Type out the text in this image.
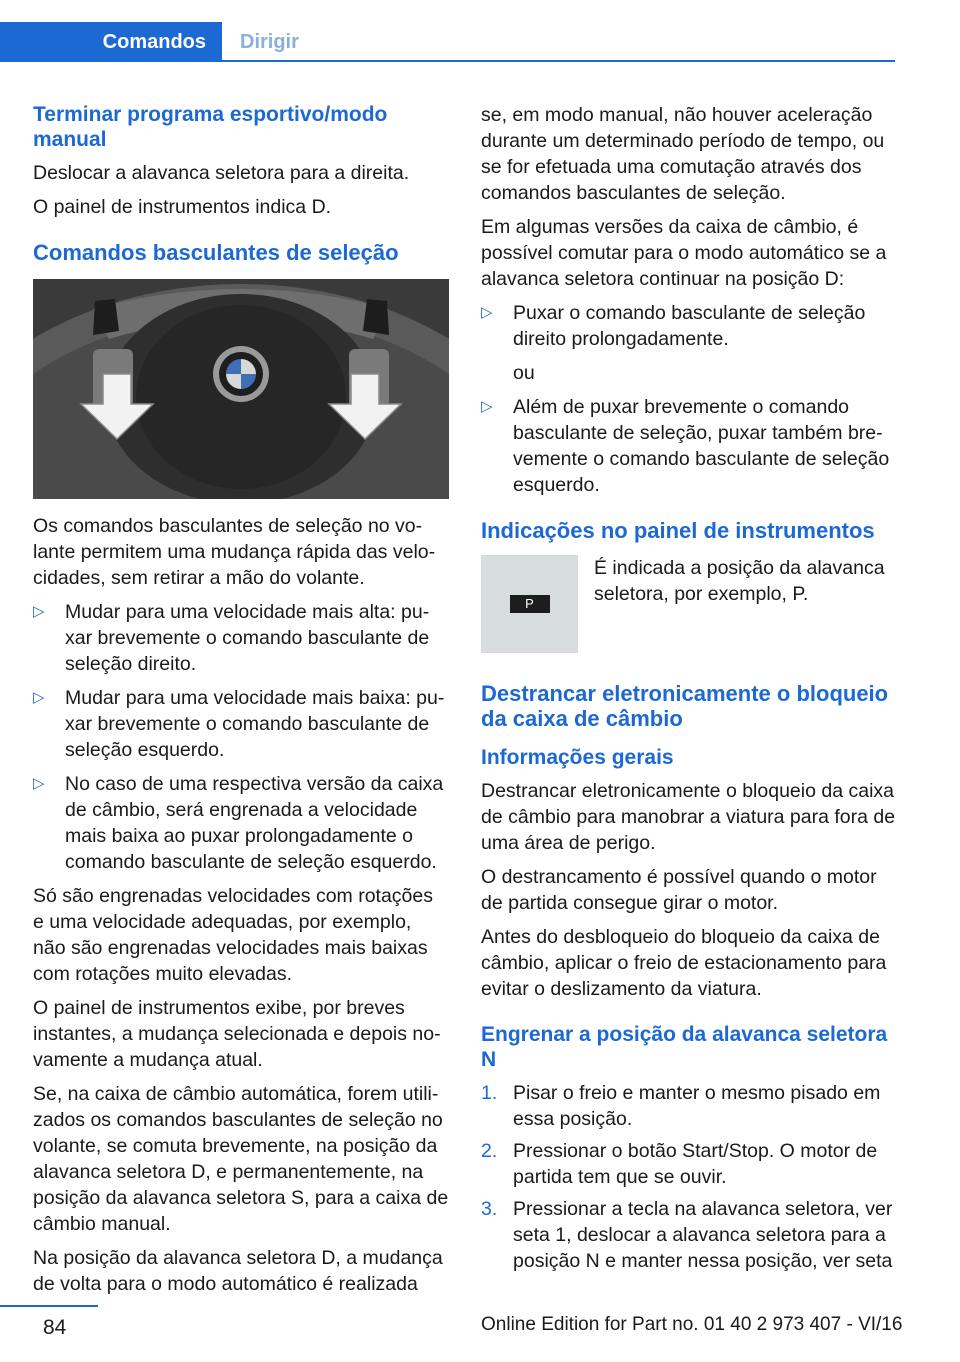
Comandos Dirigir

Terminar programa esportivo/modo manual

Deslocar a alavanca seletora para a direita.

O painel de instrumentos indica D.

Comandos basculantes de seleção

Os comandos basculantes de seleção no volante permitem uma mudança rápida das velocidades, sem retirar a mão do volante.

▷ Mudar para uma velocidade mais alta: puxar brevemente o comando basculante de seleção direito.
▷ Mudar para uma velocidade mais baixa: puxar brevemente o comando basculante de seleção esquerdo.
▷ No caso de uma respectiva versão da caixa de câmbio, será engrenada a velocidade mais baixa ao puxar prolongadamente o comando basculante de seleção esquerdo.

Só são engrenadas velocidades com rotações e uma velocidade adequadas, por exemplo, não são engrenadas velocidades mais baixas com rotações muito elevadas.

O painel de instrumentos exibe, por breves instantes, a mudança selecionada e depois novamente a mudança atual.

Se, na caixa de câmbio automática, forem utilizados os comandos basculantes de seleção no volante, se comuta brevemente, na posição da alavanca seletora D, e permanentemente, na posição da alavanca seletora S, para a caixa de câmbio manual.

Na posição da alavanca seletora D, a mudança de volta para o modo automático é realizada

se, em modo manual, não houver aceleração durante um determinado período de tempo, ou se for efetuada uma comutação através dos comandos basculantes de seleção.

Em algumas versões da caixa de câmbio, é possível comutar para o modo automático se a alavanca seletora continuar na posição D:

▷ Puxar o comando basculante de seleção direito prolongadamente.
ou
▷ Além de puxar brevemente o comando basculante de seleção, puxar também brevemente o comando basculante de seleção esquerdo.

Indicações no painel de instrumentos

P
É indicada a posição da alavanca seletora, por exemplo, P.

Destrancar eletronicamente o bloqueio da caixa de câmbio

Informações gerais

Destrancar eletronicamente o bloqueio da caixa de câmbio para manobrar a viatura para fora de uma área de perigo.

O destrancamento é possível quando o motor de partida consegue girar o motor.

Antes do desbloqueio do bloqueio da caixa de câmbio, aplicar o freio de estacionamento para evitar o deslizamento da viatura.

Engrenar a posição da alavanca seletora N

1. Pisar o freio e manter o mesmo pisado em essa posição.
2. Pressionar o botão Start/Stop. O motor de partida tem que se ouvir.
3. Pressionar a tecla na alavanca seletora, ver seta 1, deslocar a alavanca seletora para a posição N e manter nessa posição, ver seta
84	Online Edition for Part no. 01 40 2 973 407 - VI/16
